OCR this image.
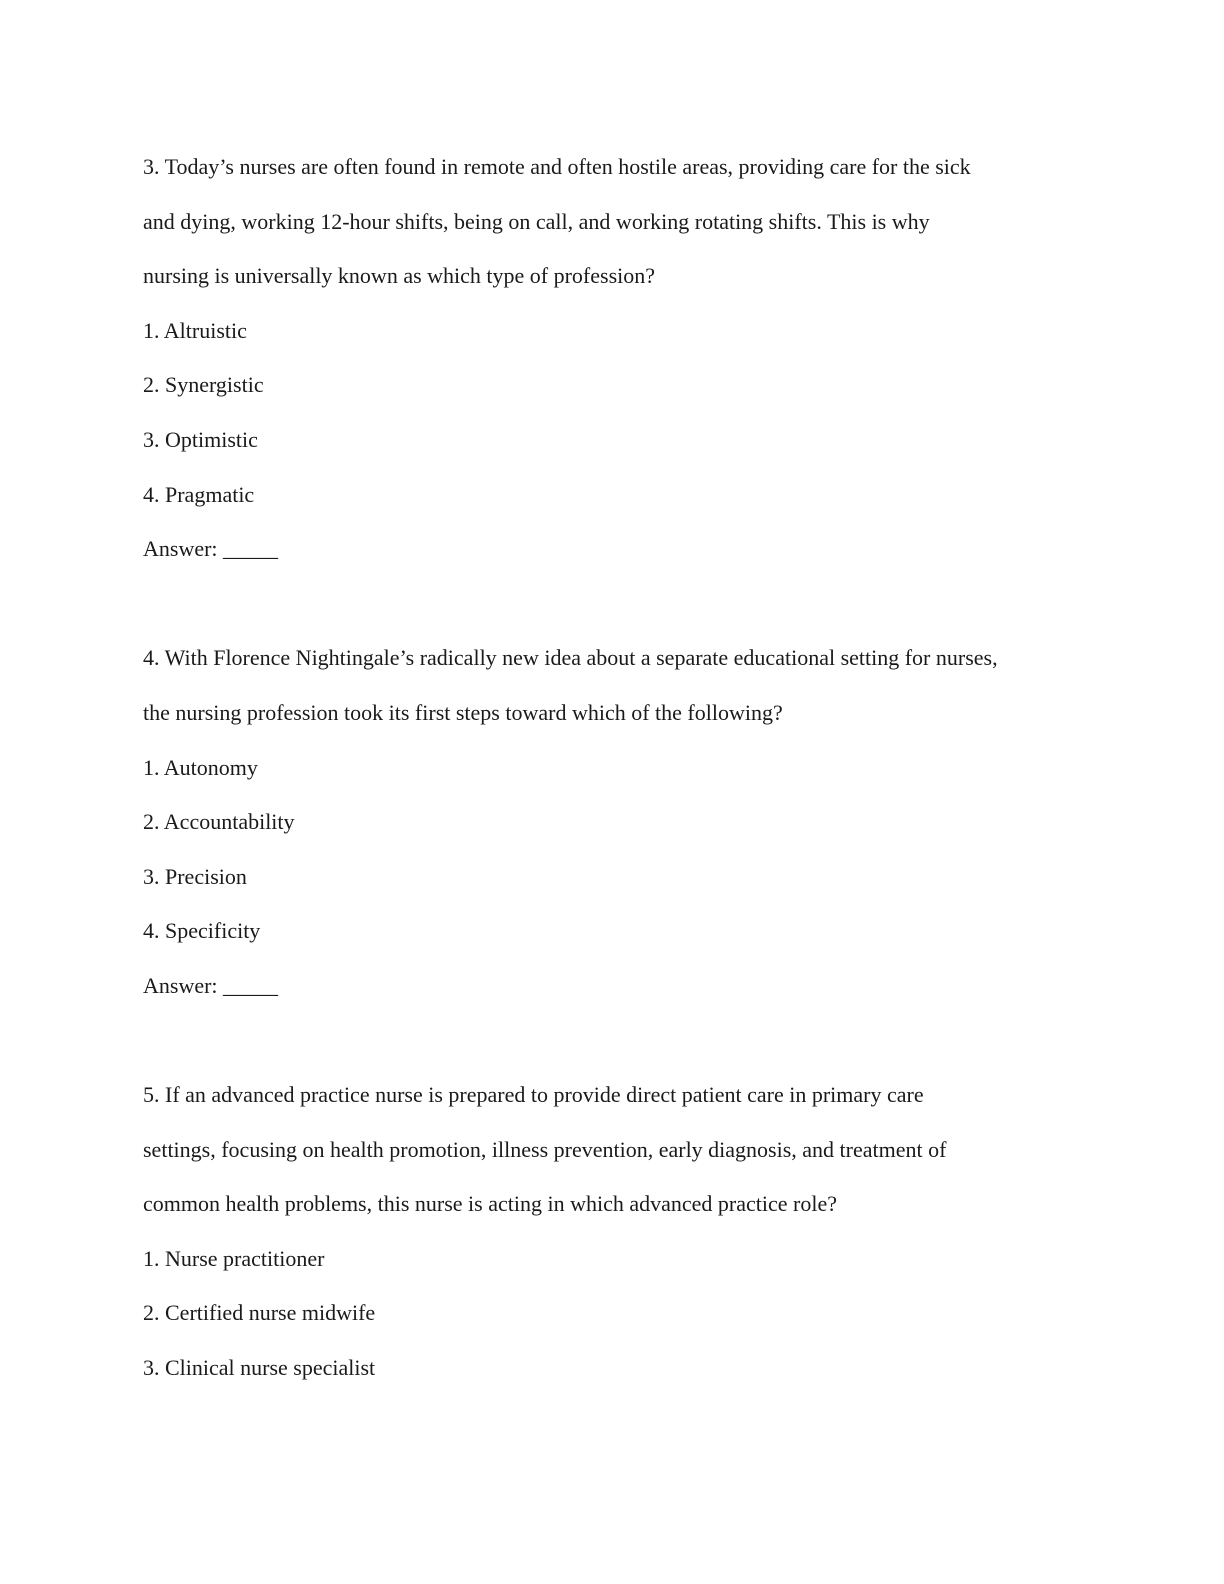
3. Today’s nurses are often found in remote and often hostile areas, providing care for the sick
and dying, working 12-hour shifts, being on call, and working rotating shifts. This is why
nursing is universally known as which type of profession?
1. Altruistic
2. Synergistic
3. Optimistic
4. Pragmatic
Answer: _____
4. With Florence Nightingale’s radically new idea about a separate educational setting for nurses,
the nursing profession took its first steps toward which of the following?
1. Autonomy
2. Accountability
3. Precision
4. Specificity
Answer: _____
5. If an advanced practice nurse is prepared to provide direct patient care in primary care
settings, focusing on health promotion, illness prevention, early diagnosis, and treatment of
common health problems, this nurse is acting in which advanced practice role?
1. Nurse practitioner
2. Certified nurse midwife
3. Clinical nurse specialist
